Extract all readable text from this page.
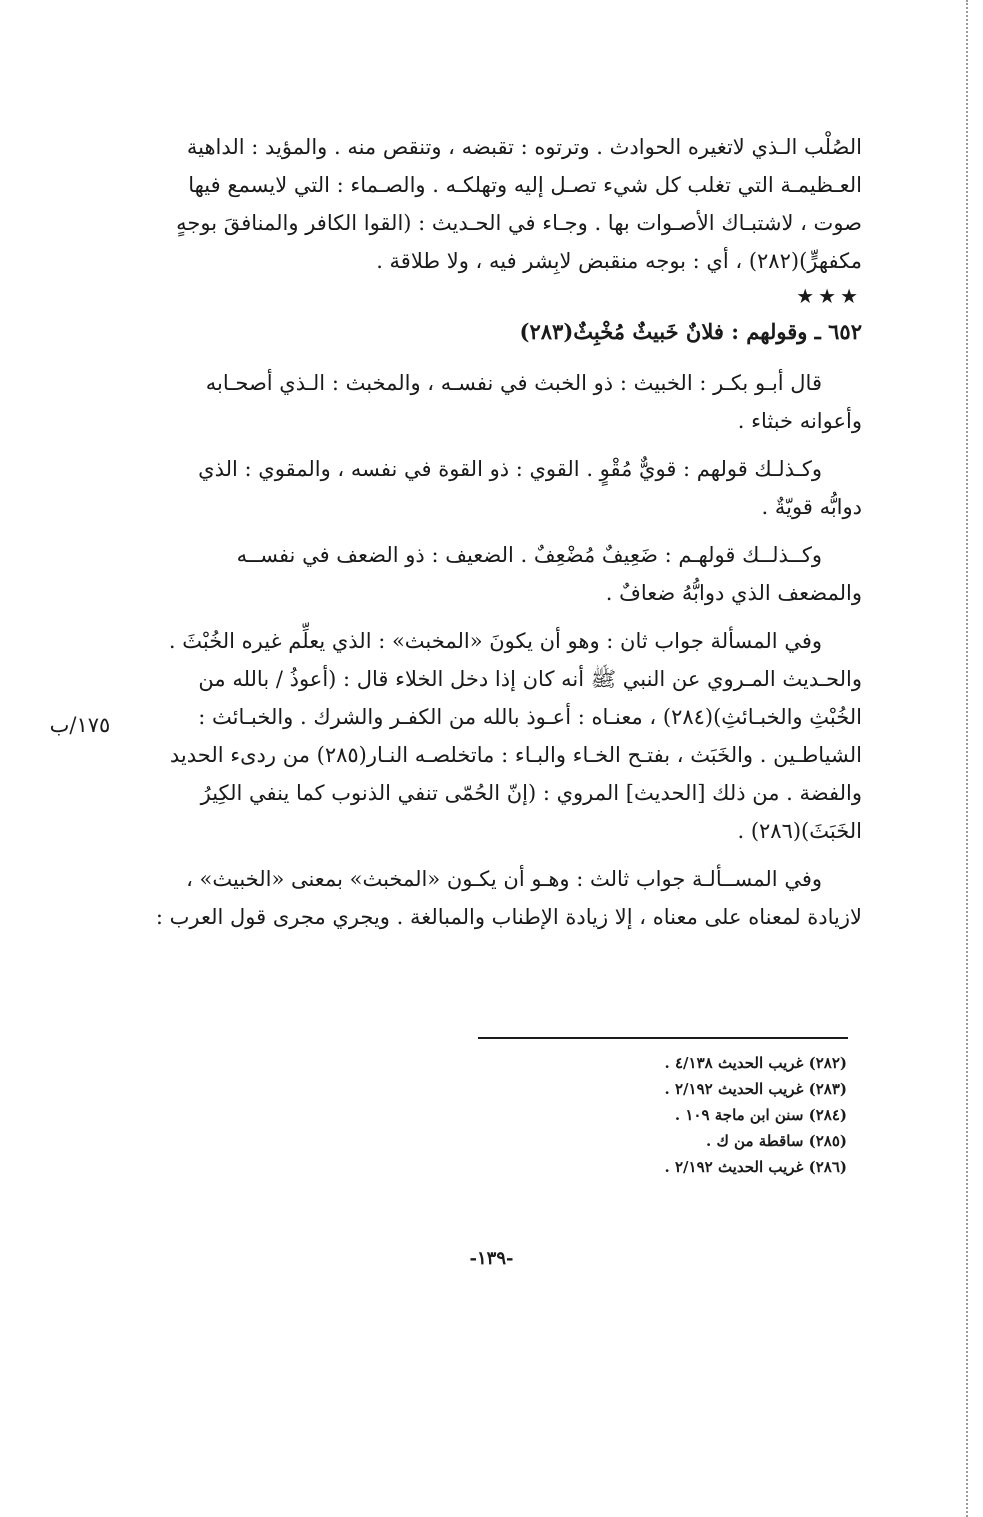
الصُلْب الـذي لاتغيره الحوادث . وترتوه : تقبضه ، وتنقص منه . والمؤيد : الداهية
العـظيمـة التي تغلب كل شيء تصـل إليه وتهلكـه . والصـماء : التي لايسمع فيها
صوت ، لاشتبـاك الأصـوات بها . وجـاء في الحـديث : (القوا الكافر والمنافقَ بوجهٍ
مكفهرٍّ)(٢٨٢) ، أي : بوجه منقبض لابِشر فيه ، ولا طلاقة .
★★★
٦٥٢ ـ وقولهم : فلانٌ خَبيثٌ مُخْبِثٌ(٢٨٣)
قال أبـو بكـر : الخبيث : ذو الخبث في نفسـه ، والمخبث : الـذي أصحـابه
وأعوانه خبثاء .
وكـذلـك قولهم : قويٌّ مُقْوٍ . القوي : ذو القوة في نفسه ، والمقوي : الذي
دوابُّه قويّةٌ .
وكــذلــك قولهـم : ضَعِيفٌ مُضْعِفٌ . الضعيف : ذو الضعف في نفســه
والمضعف الذي دوابُّهُ ضعافٌ .
وفي المسألة جواب ثان : وهو أن يكونَ «المخبث» : الذي يعلِّم غيره الخُبْثَ .
والحـديث المـروي عن النبي ﷺ أنه كان إذا دخل الخلاء قال : (أعوذُ / بالله من
الخُبْثِ والخبـائثِ)(٢٨٤) ، معنـاه : أعـوذ بالله من الكفـر والشرك . والخبـائث :
الشياطـين . والخَبَث ، بفتـح الخـاء والبـاء : ماتخلصـه النـار(٢٨٥) من ردىء الحديد
والفضة . من ذلك [الحديث] المروي : (إنّ الحُمّى تنفي الذنوب كما ينفي الكِيرُ
الخَبَثَ)(٢٨٦) .
وفي المســألـة جواب ثالث : وهـو أن يكـون «المخبث» بمعنى «الخبيث» ،
لازيادة لمعناه على معناه ، إلا زيادة الإطناب والمبالغة . ويجري مجرى قول العرب :
١٧٥/ب
(٢٨٢) غريب الحديث ٤/١٣٨ .
(٢٨٣) غريب الحديث ٢/١٩٢ .
(٢٨٤) سنن ابن ماجة ١٠٩ .
(٢٨٥) ساقطة من ك .
(٢٨٦) غريب الحديث ٢/١٩٢ .
-١٣٩-
